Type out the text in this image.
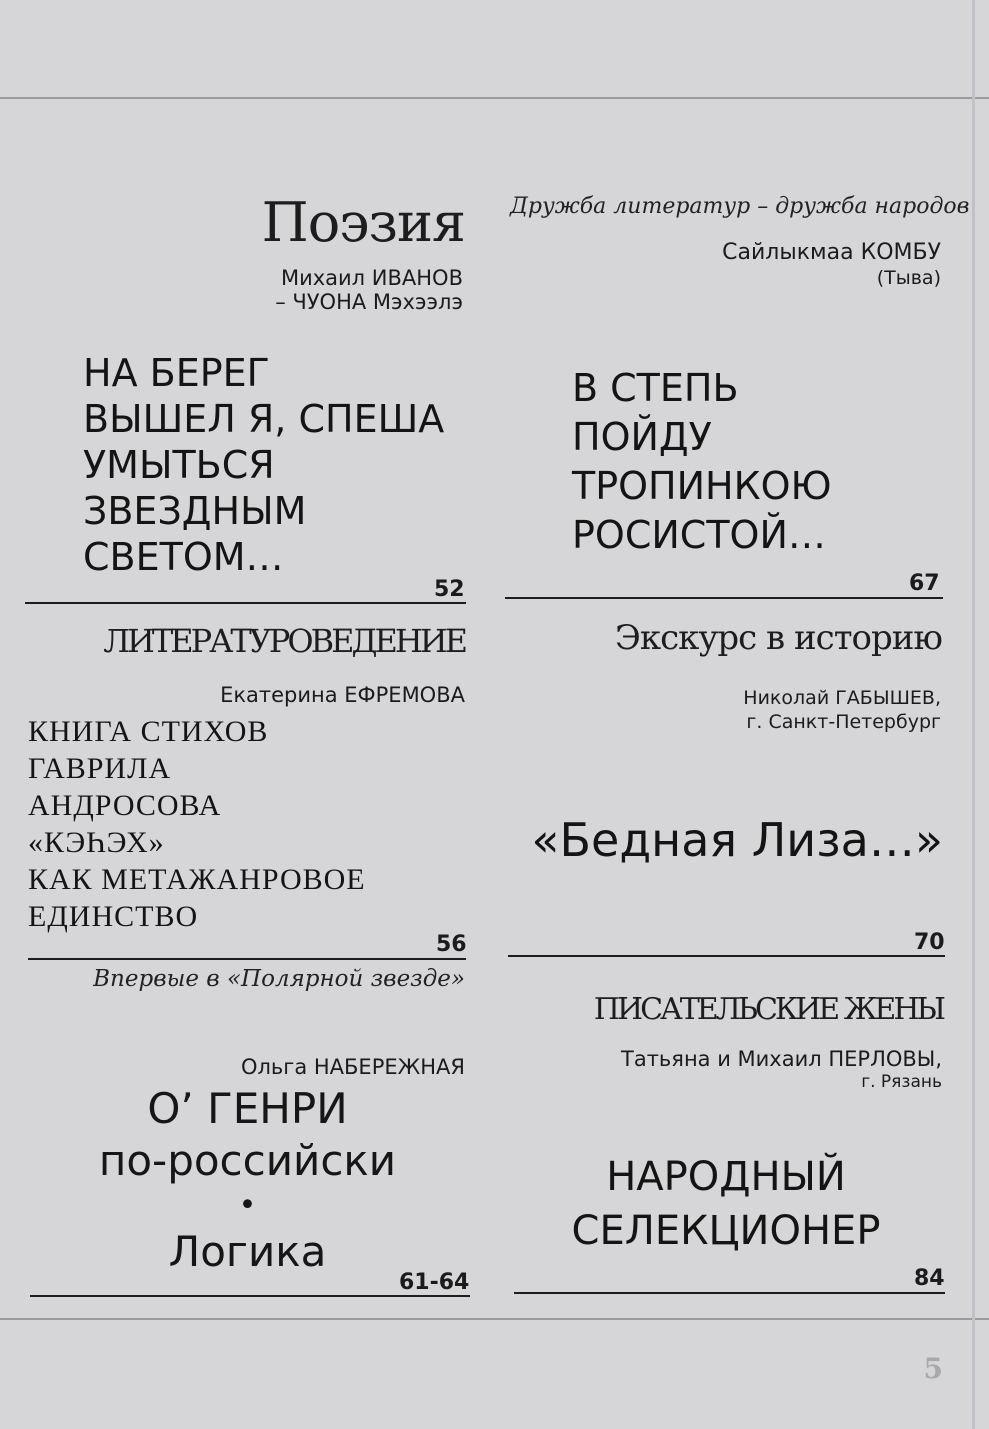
5
Поэзия
Михаил ИВАНОВ
– ЧУОНА Мэхээлэ
НА БЕРЕГ
ВЫШЕЛ Я, СПЕША
УМЫТЬСЯ
ЗВЕЗДНЫМ
СВЕТОМ…
52
ЛИТЕРАТУРОВЕДЕНИЕ
Екатерина ЕФРЕМОВА
КНИГА СТИХОВ
ГАВРИЛА
АНДРОСОВА
«КЭҺЭХ»
КАК МЕТАЖАНРОВОЕ
ЕДИНСТВО
56
Впервые в «Полярной звезде»
Ольга НАБЕРЕЖНАЯ
О’ ГЕНРИ
по-российски
•
Логика
61-64
Дружба литератур – дружба народов
Сайлыкмаа КОМБУ
(Тыва)
В СТЕПЬ
ПОЙДУ
ТРОПИНКОЮ
РОСИСТОЙ…
67
Экскурс в историю
Николай ГАБЫШЕВ,
г. Санкт-Петербург
«Бедная Лиза…»
70
ПИСАТЕЛЬСКИЕ ЖЕНЫ
Татьяна и Михаил ПЕРЛОВЫ,
г. Рязань
НАРОДНЫЙ
СЕЛЕКЦИОНЕР
84
